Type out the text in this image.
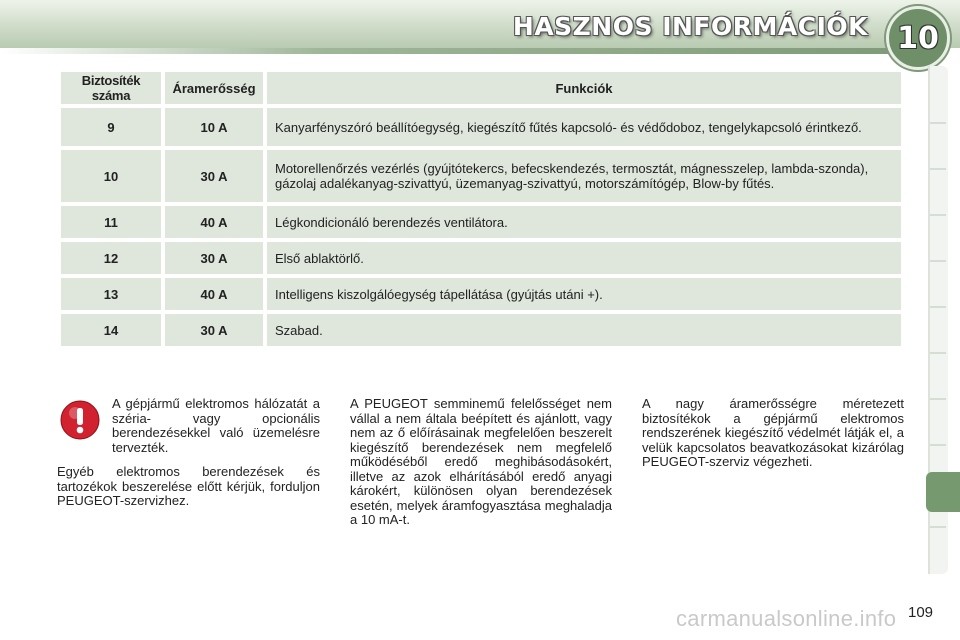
HASZNOS INFORMÁCIÓK 10
Biztosíték száma	Áramerősség	Funkciók
9	10 A	Kanyarfényszóró beállítóegység, kiegészítő fűtés kapcsoló- és védődoboz, tengelykapcsoló érintkező.
10	30 A	Motorellenőrzés vezérlés (gyújtótekercs, befecskendezés, termosztát, mágnesszelep, lambda-szonda), gázolaj adalékanyag-szivattyú, üzemanyag-szivattyú, motorszámítógép, Blow-by fűtés.
11	40 A	Légkondicionáló berendezés ventilátora.
12	30 A	Első ablaktörlő.
13	40 A	Intelligens kiszolgálóegység tápellátása (gyújtás utáni +).
14	30 A	Szabad.
A gépjármű elektromos hálózatát a széria- vagy opcionális berendezésekkel való üzemelésre tervezték.
Egyéb elektromos berendezések és tartozékok beszerelése előtt kérjük, forduljon PEUGEOT-szervizhez.
A PEUGEOT semminemű felelősséget nem vállal a nem általa beépített és ajánlott, vagy nem az ő előírásainak megfelelően beszerelt kiegészítő berendezések nem megfelelő működéséből eredő meghibásodásokért, illetve az azok elhárításából eredő anyagi károkért, különösen olyan berendezések esetén, melyek áramfogyasztása meghaladja a 10 mA-t.
A nagy áramerősségre méretezett biztosítékok a gépjármű elektromos rendszerének kiegészítő védelmét látják el, a velük kapcsolatos beavatkozásokat kizárólag PEUGEOT-szerviz végezheti.
carmanualsonline.info 109
